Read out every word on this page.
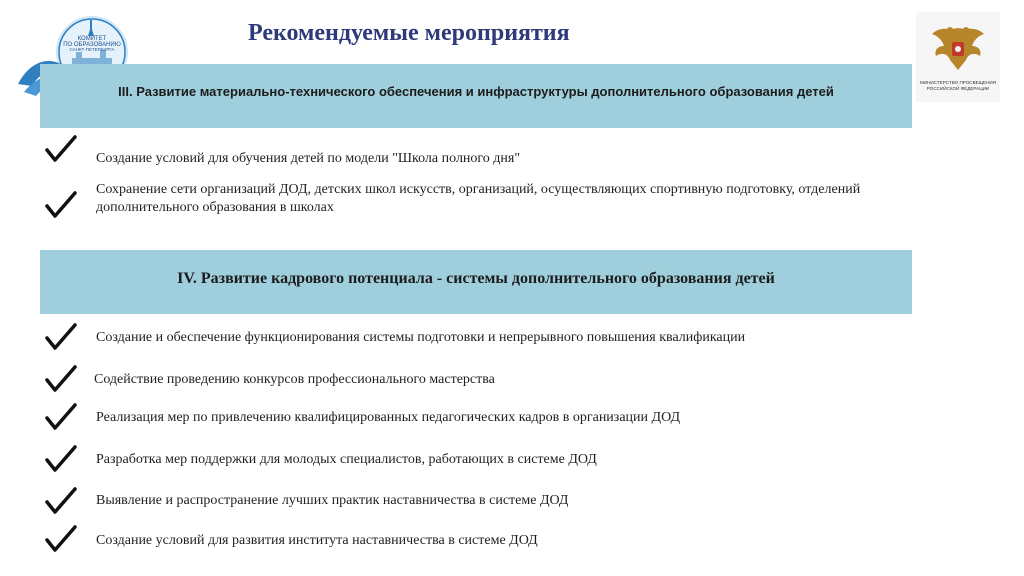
КОМИТЕТ
ПО ОБРАЗОВАНИЮ
САНКТ-ПЕТЕРБУРГА
Рекомендуемые мероприятия
МИНИСТЕРСТВО ПРОСВЕЩЕНИЯ
РОССИЙСКОЙ ФЕДЕРАЦИИ
III. Развитие материально-технического обеспечения и инфраструктуры дополнительного образования детей
Создание условий для обучения детей по модели "Школа полного дня"
Сохранение сети организаций ДОД, детских школ искусств, организаций, осуществляющих спортивную подготовку, отделений дополнительного образования в школах
IV. Развитие кадрового потенциала - системы дополнительного образования детей
Создание и обеспечение функционирования системы подготовки и непрерывного повышения квалификации
Содействие проведению конкурсов профессионального мастерства
Реализация мер по привлечению квалифицированных педагогических кадров в организации ДОД
Разработка мер поддержки для молодых специалистов, работающих в системе ДОД
Выявление и распространение лучших практик наставничества в системе ДОД
Создание условий для развития института наставничества в системе ДОД
